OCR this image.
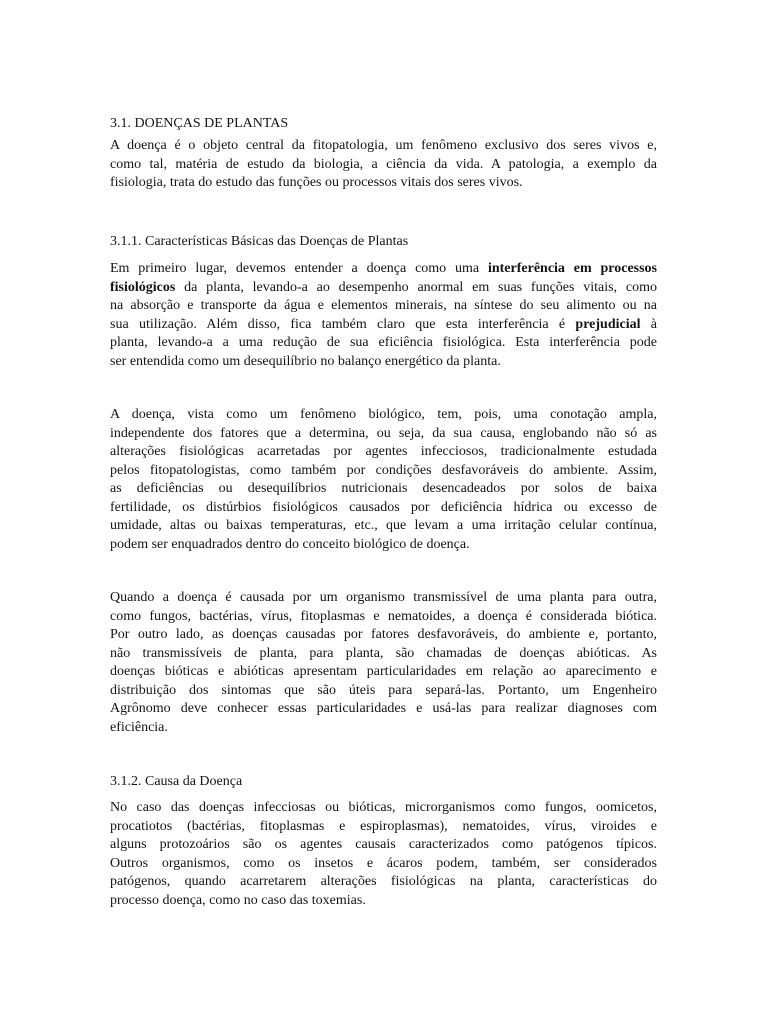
3.1. DOENÇAS DE PLANTAS

A doença é o objeto central da fitopatologia, um fenômeno exclusivo dos seres vivos e,
como tal, matéria de estudo da biologia, a ciência da vida. A patologia, a exemplo da
fisiologia, trata do estudo das funções ou processos vitais dos seres vivos.

3.1.1. Características Básicas das Doenças de Plantas

Em primeiro lugar, devemos entender a doença como uma interferência em processos
fisiológicos da planta, levando-a ao desempenho anormal em suas funções vitais, como
na absorção e transporte da água e elementos minerais, na síntese do seu alimento ou na
sua utilização. Além disso, fica também claro que esta interferência é prejudicial à
planta, levando-a a uma redução de sua eficiência fisiológica. Esta interferência pode
ser entendida como um desequilíbrio no balanço energético da planta.

A doença, vista como um fenômeno biológico, tem, pois, uma conotação ampla,
independente dos fatores que a determina, ou seja, da sua causa, englobando não só as
alterações fisiológicas acarretadas por agentes infecciosos, tradicionalmente estudada
pelos fitopatologistas, como também por condições desfavoráveis do ambiente. Assim,
as deficiências ou desequilíbrios nutricionais desencadeados por solos de baixa
fertilidade, os distúrbios fisiológicos causados por deficiência hídrica ou excesso de
umidade, altas ou baixas temperaturas, etc., que levam a uma irritação celular contínua,
podem ser enquadrados dentro do conceito biológico de doença.

Quando a doença é causada por um organismo transmissível de uma planta para outra,
como fungos, bactérias, vírus, fitoplasmas e nematoides, a doença é considerada biótica.
Por outro lado, as doenças causadas por fatores desfavoráveis, do ambiente e, portanto,
não transmissíveis de planta, para planta, são chamadas de doenças abióticas. As
doenças bióticas e abióticas apresentam particularidades em relação ao aparecimento e
distribuição dos sintomas que são úteis para separá-las. Portanto, um Engenheiro
Agrônomo deve conhecer essas particularidades e usá-las para realizar diagnoses com
eficiência.

3.1.2. Causa da Doença

No caso das doenças infecciosas ou bióticas, microrganismos como fungos, oomicetos,
procatiotos (bactérias, fitoplasmas e espiroplasmas), nematoides, vírus, viroides e
alguns protozoários são os agentes causais caracterizados como patógenos típicos.
Outros organismos, como os insetos e ácaros podem, também, ser considerados
patógenos, quando acarretarem alterações fisiológicas na planta, características do
processo doença, como no caso das toxemias.
